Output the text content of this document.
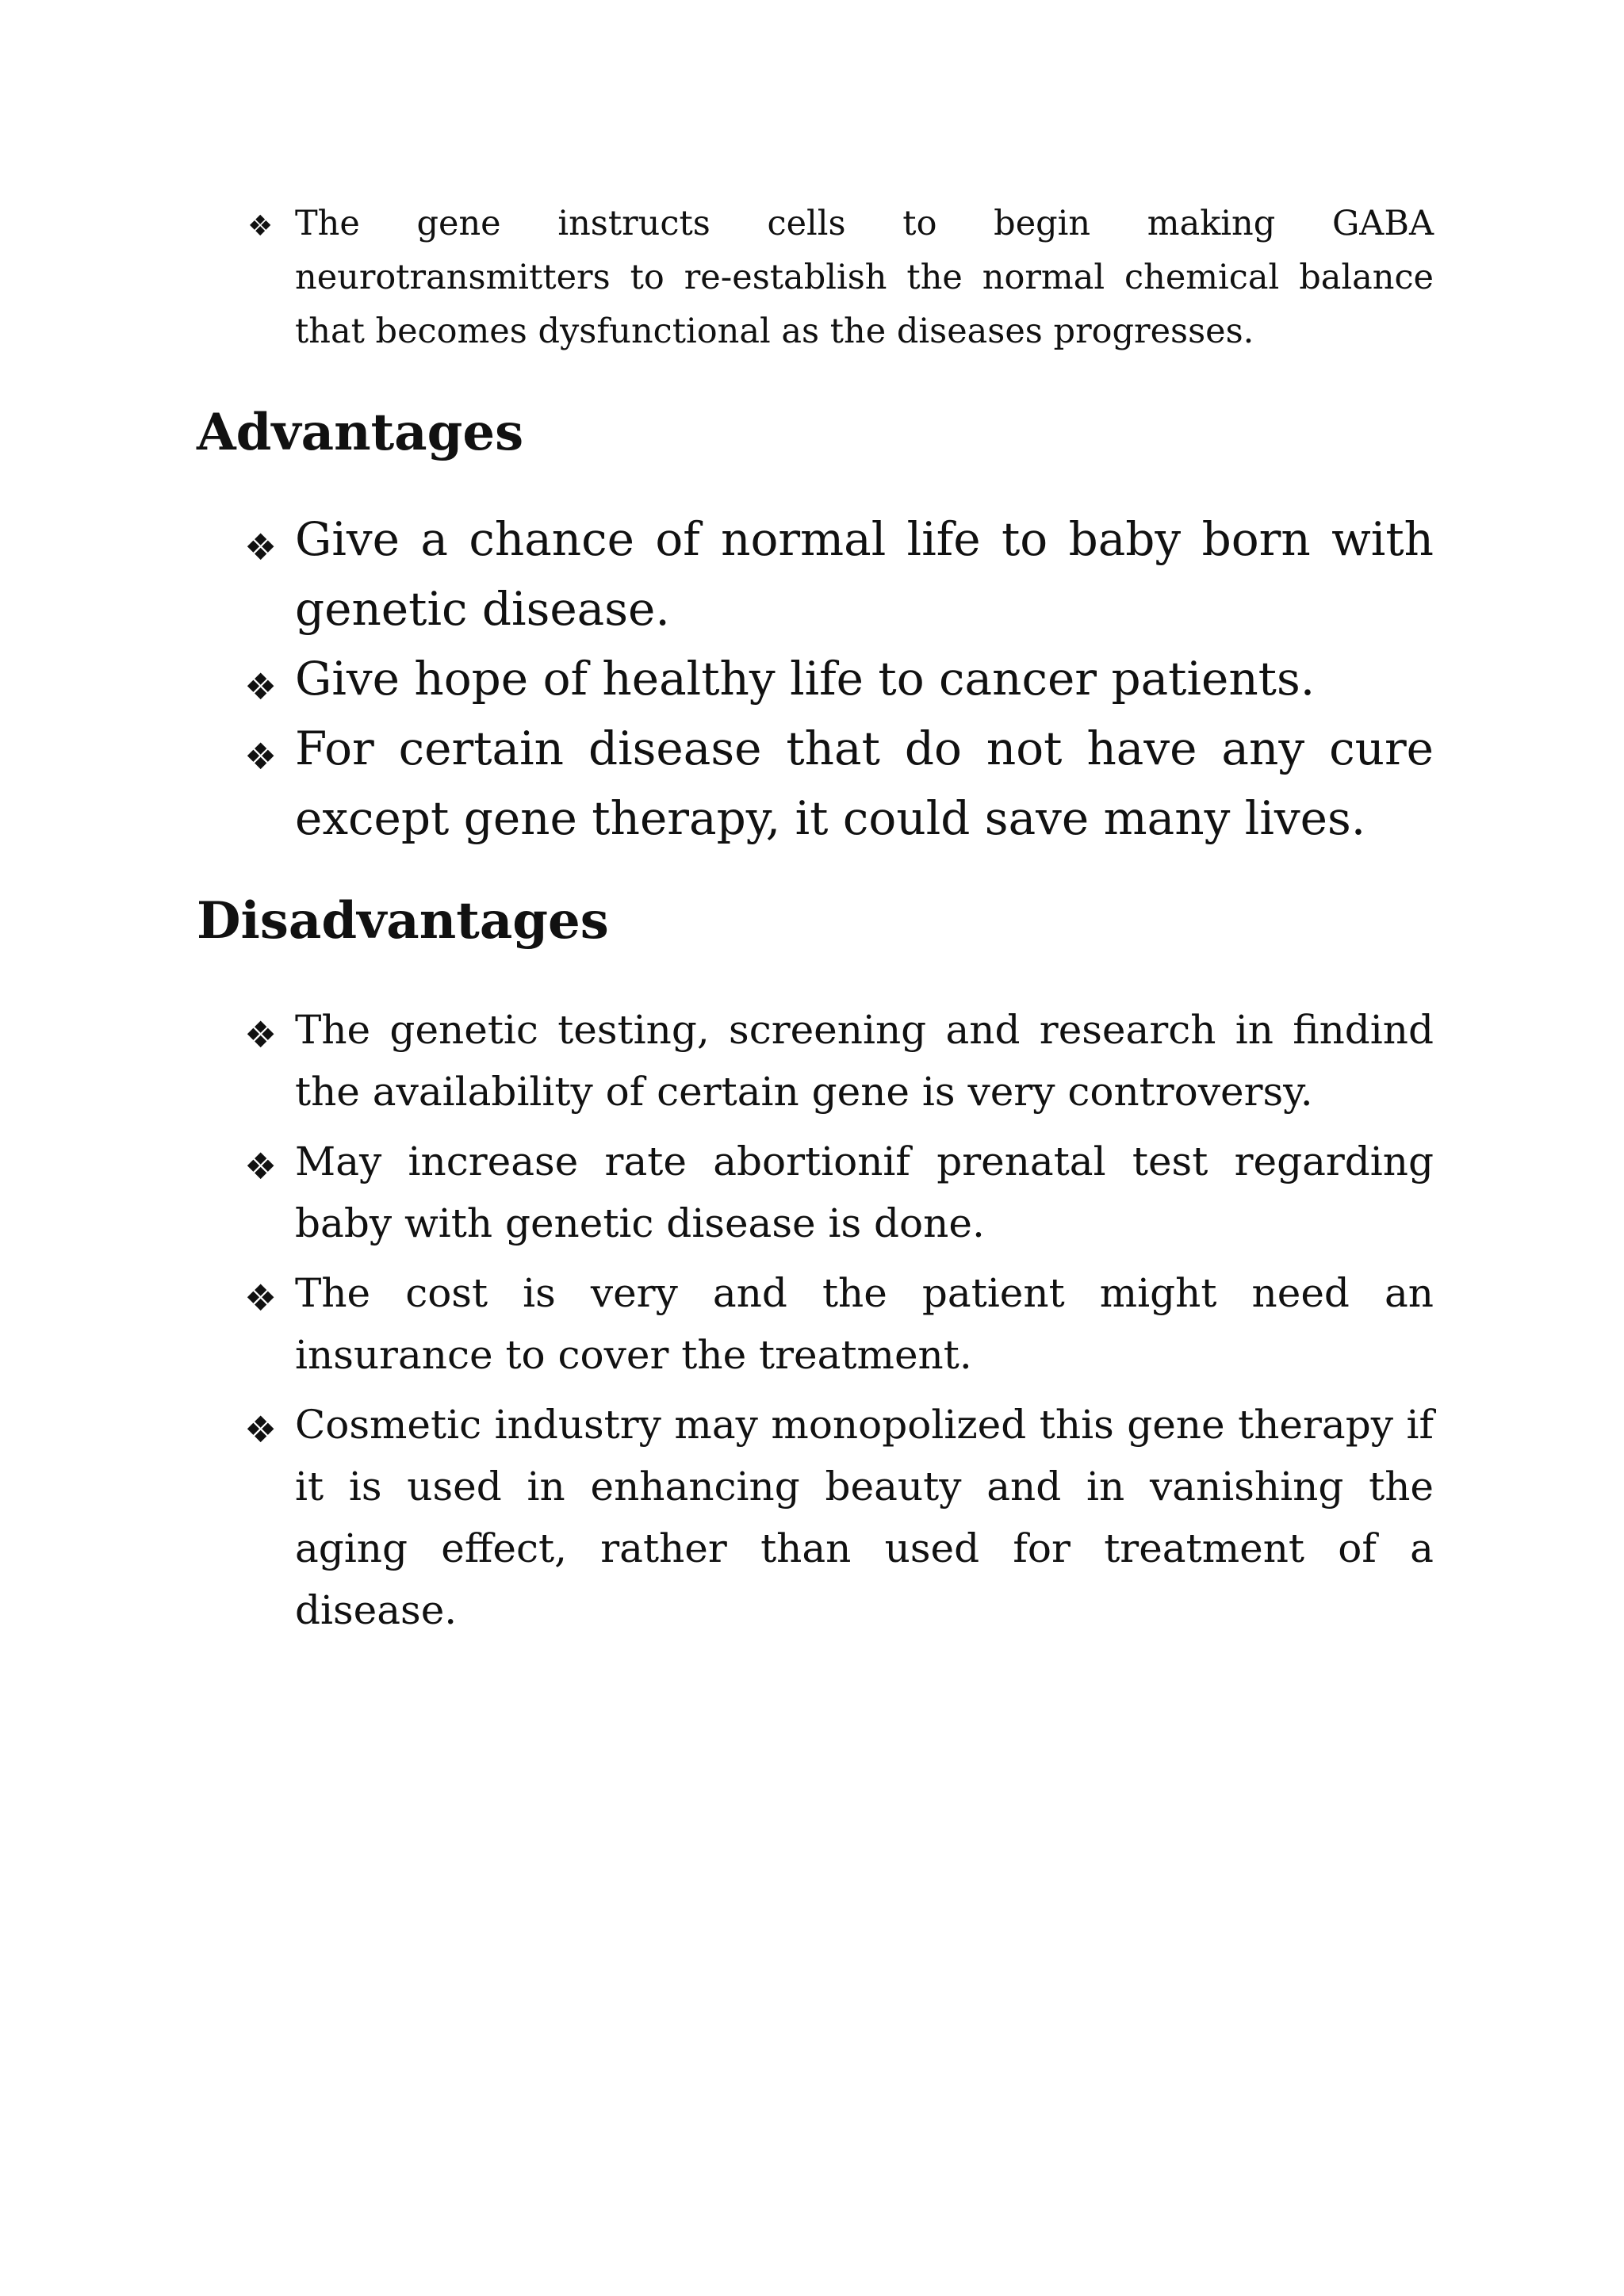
❖ The gene instructs cells to begin making GABA neurotransmitters to re-establish the normal chemical balance that becomes dysfunctional as the diseases progresses.
Advantages
❖ Give a chance of normal life to baby born with genetic disease.
❖ Give hope of healthy life to cancer patients.
❖ For certain disease that do not have any cure except gene therapy, it could save many lives.
Disadvantages
❖ The genetic testing, screening and research in findind the availability of certain gene is very controversy.
❖ May increase rate abortionif prenatal test regarding baby with genetic disease is done.
❖ The cost is very and the patient might need an insurance to cover the treatment.
❖ Cosmetic industry may monopolized this gene therapy if it is used in enhancing beauty and in vanishing the aging effect, rather than used for treatment of a disease.
